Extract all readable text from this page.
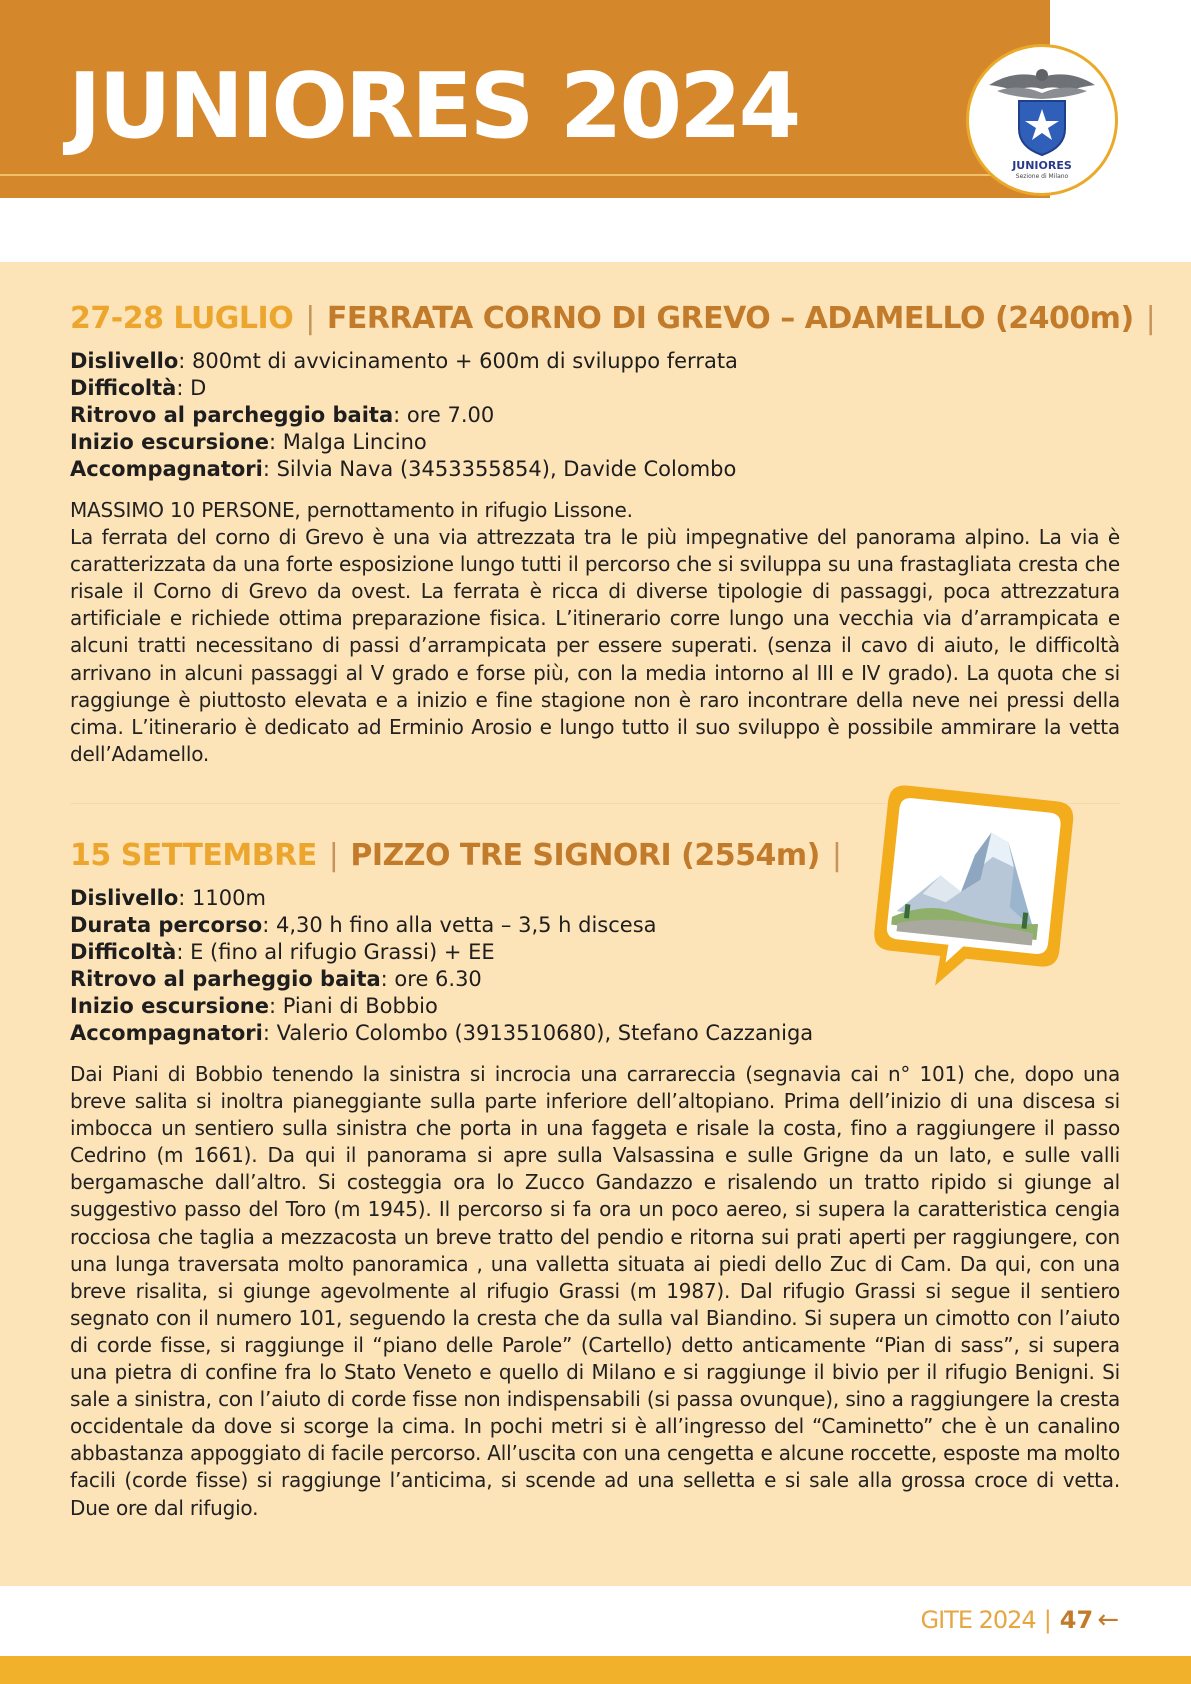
JUNIORES 2024
JUNIORES
Sezione di Milano
27-28 LUGLIO | FERRATA CORNO DI GREVO – ADAMELLO (2400m) |
Dislivello: 800mt di avvicinamento + 600m di sviluppo ferrata
Difficoltà: D
Ritrovo al parcheggio baita: ore 7.00
Inizio escursione: Malga Lincino
Accompagnatori: Silvia Nava (3453355854), Davide Colombo

MASSIMO 10 PERSONE, pernottamento in rifugio Lissone.

La ferrata del corno di Grevo è una via attrezzata tra le più impegnative del panorama alpino. La via è caratterizzata da una forte esposizione lungo tutti il percorso che si sviluppa su una frastagliata cresta che risale il Corno di Grevo da ovest. La ferrata è ricca di diverse tipologie di passaggi, poca attrezzatura artificiale e richiede ottima preparazione fisica. L’itinerario corre lungo una vecchia via d’arrampicata e alcuni tratti necessitano di passi d’arrampicata per essere superati. (senza il cavo di aiuto, le difficoltà arrivano in alcuni passaggi al V grado e forse più, con la media intorno al III e IV grado). La quota che si raggiunge è piuttosto elevata e a inizio e fine stagione non è raro incontrare della neve nei pressi della cima. L’itinerario è dedicato ad Erminio Arosio e lungo tutto il suo sviluppo è possibile ammirare la vetta dell’Adamello.

15 SETTEMBRE | PIZZO TRE SIGNORI (2554m) |
Dislivello: 1100m
Durata percorso: 4,30 h fino alla vetta – 3,5 h discesa
Difficoltà: E (fino al rifugio Grassi) + EE
Ritrovo al parheggio baita: ore 6.30
Inizio escursione: Piani di Bobbio
Accompagnatori: Valerio Colombo (3913510680), Stefano Cazzaniga

Dai Piani di Bobbio tenendo la sinistra si incrocia una carrareccia (segnavia cai n° 101) che, dopo una breve salita si inoltra pianeggiante sulla parte inferiore dell’altopiano. Prima dell’inizio di una discesa si imbocca un sentiero sulla sinistra che porta in una faggeta e risale la costa, fino a raggiungere il passo Cedrino (m 1661). Da qui il panorama si apre sulla Valsassina e sulle Grigne da un lato, e sulle valli bergamasche dall’altro. Si costeggia ora lo Zucco Gandazzo e risalendo un tratto ripido si giunge al suggestivo passo del Toro (m 1945). Il percorso si fa ora un poco aereo, si supera la caratteristica cengia rocciosa che taglia a mezzacosta un breve tratto del pendio e ritorna sui prati aperti per raggiungere, con una lunga traversata molto panoramica , una valletta situata ai piedi dello Zuc di Cam. Da qui, con una breve risalita, si giunge agevolmente al rifugio Grassi (m 1987). Dal rifugio Grassi si segue il sentiero segnato con il numero 101, seguendo la cresta che da sulla val Biandino. Si supera un cimotto con l’aiuto di corde fisse, si raggiunge il “piano delle Parole” (Cartello) detto anticamente “Pian di sass”, si supera una pietra di confine fra lo Stato Veneto e quello di Milano e si raggiunge il bivio per il rifugio Benigni. Si sale a sinistra, con l’aiuto di corde fisse non indispensabili (si passa ovunque), sino a raggiungere la cresta occidentale da dove si scorge la cima. In pochi metri si è all’ingresso del “Caminetto” che è un canalino abbastanza appoggiato di facile percorso. All’uscita con una cengetta e alcune roccette, esposte ma molto facili (corde fisse) si raggiunge l’anticima, si scende ad una selletta e si sale alla grossa croce di vetta. Due ore dal rifugio.

GITE 2024 | 47 ←
